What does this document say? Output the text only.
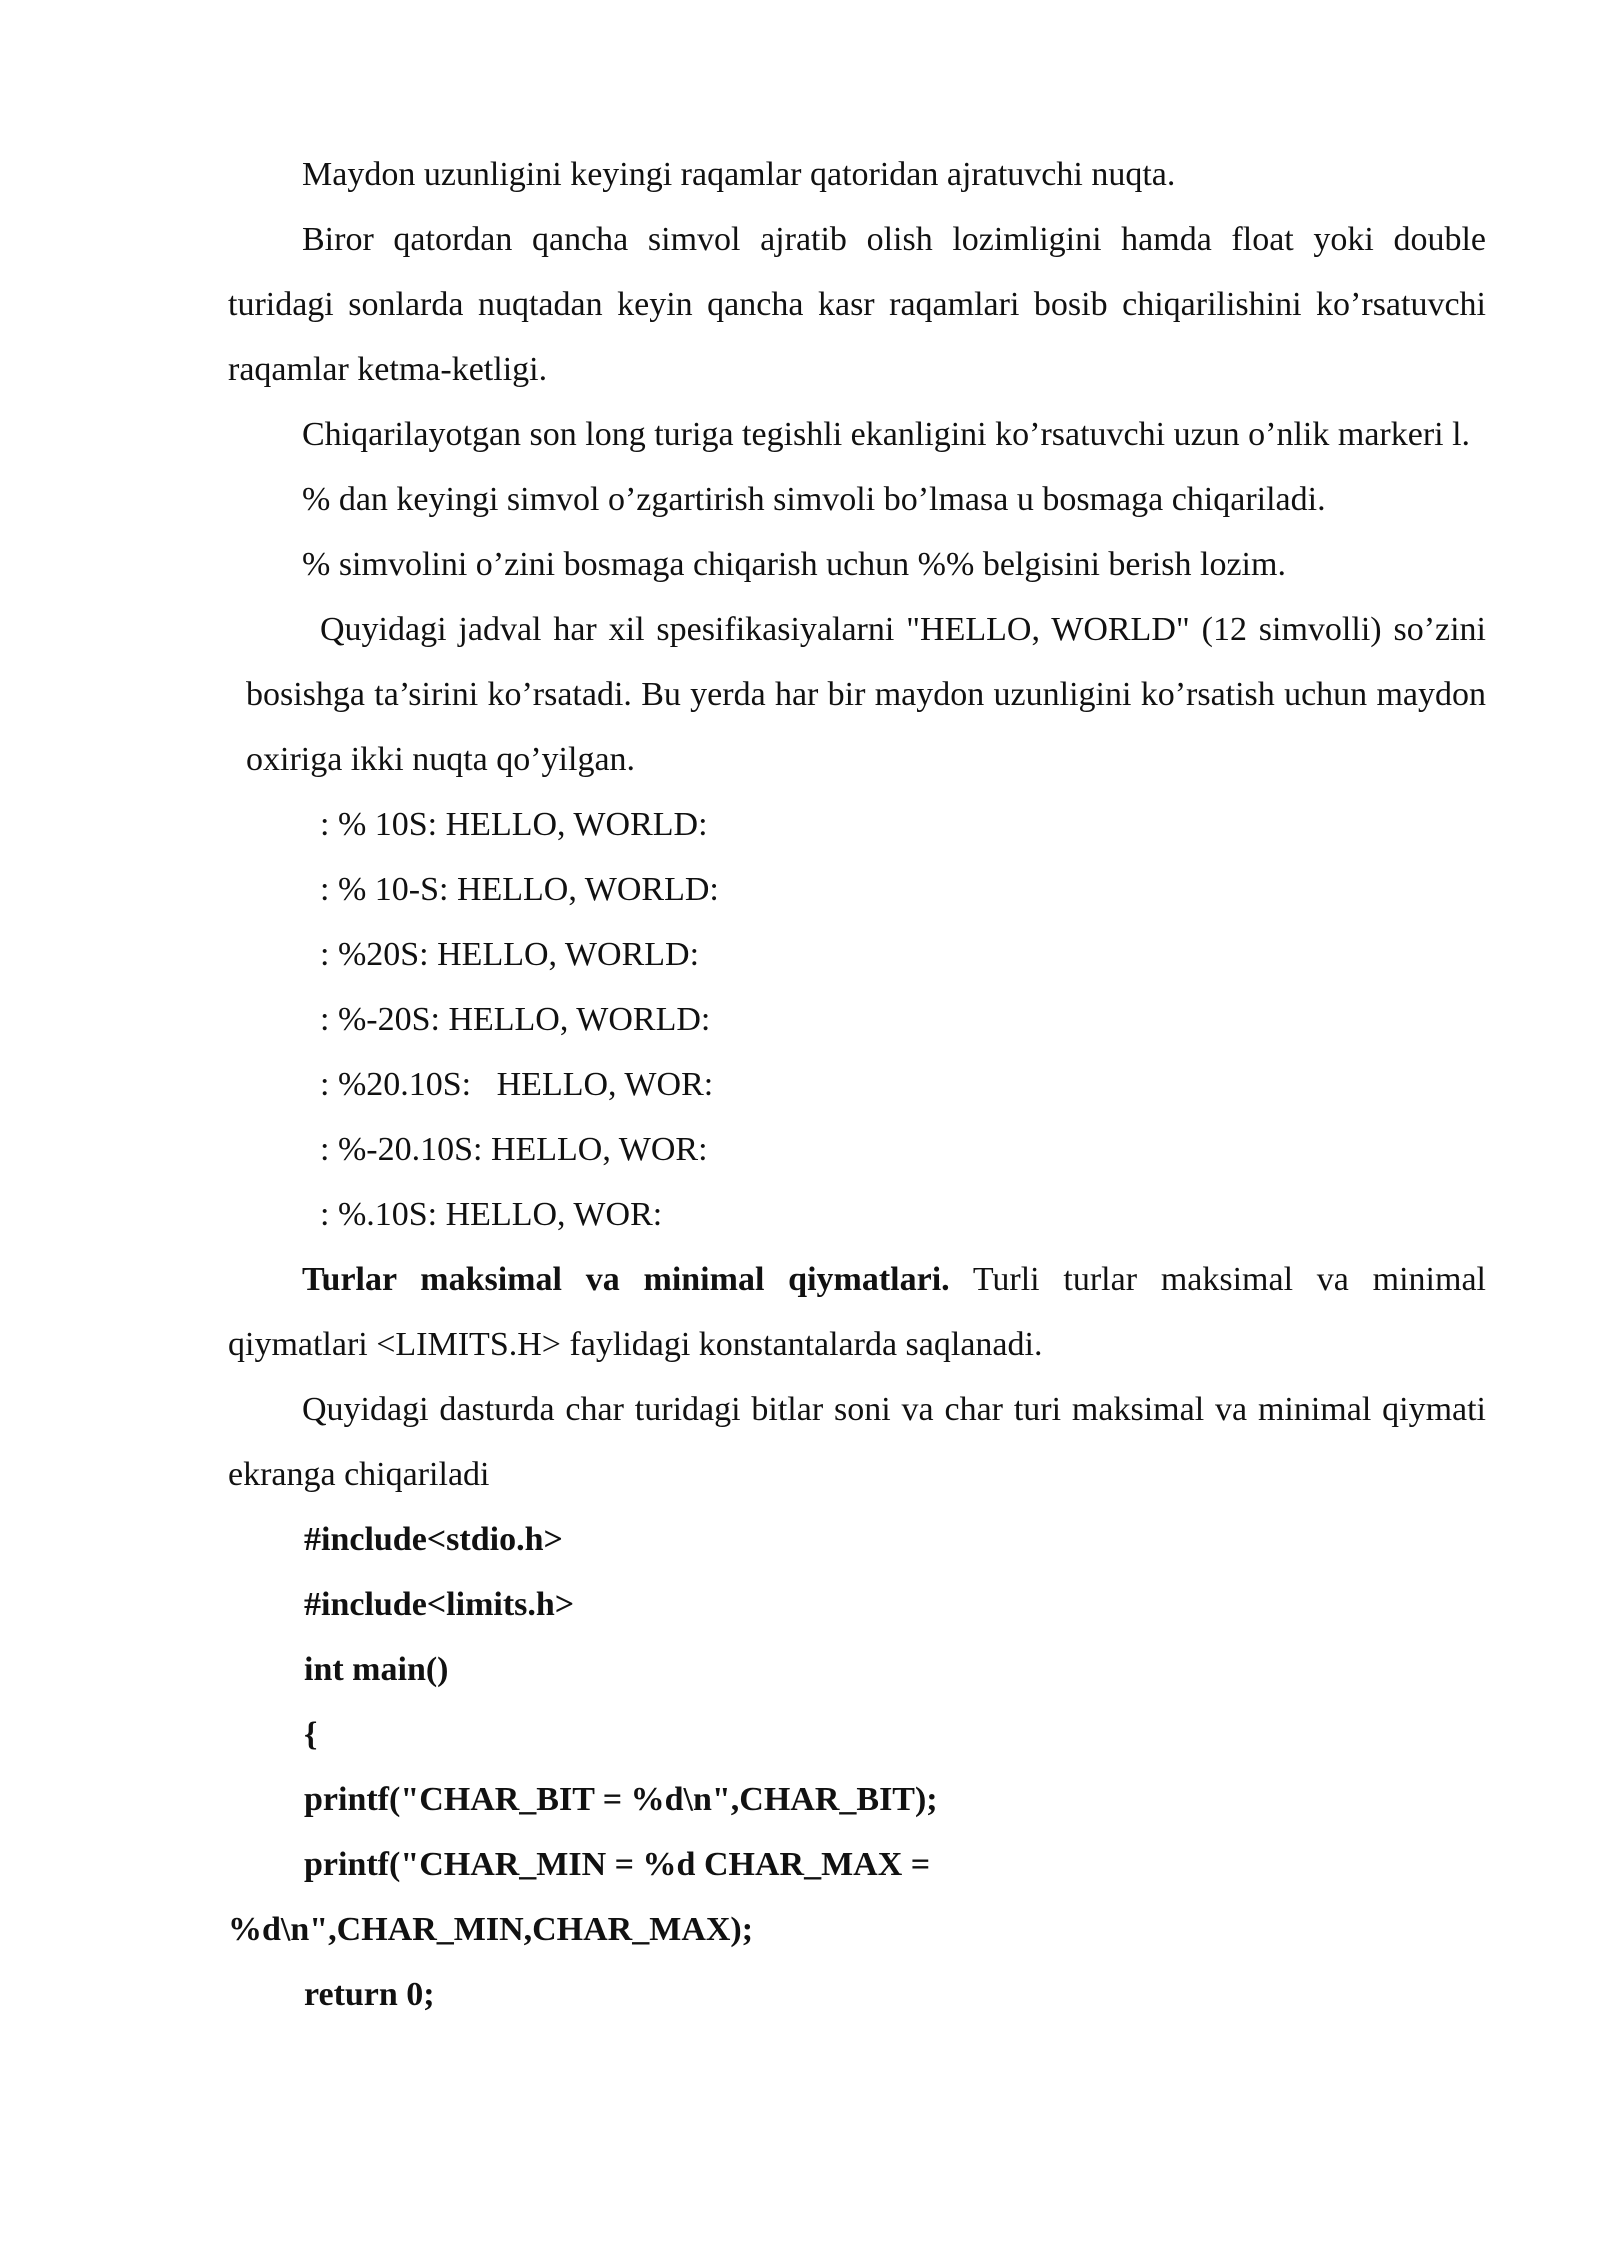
Maydon uzunligini keyingi raqamlar qatoridan ajratuvchi nuqta.

Biror qatordan qancha simvol ajratib olish lozimligini hamda float yoki double turidagi sonlarda nuqtadan keyin qancha kasr raqamlari bosib chiqarilishini ko’rsatuvchi raqamlar ketma-ketligi.

Chiqarilayotgan son long turiga tegishli ekanligini ko’rsatuvchi uzun o’nlik markeri l.

% dan keyingi simvol o’zgartirish simvoli bo’lmasa u bosmaga chiqariladi.

% simvolini o’zini bosmaga chiqarish uchun %% belgisini berish lozim.

Quyidagi jadval har xil spesifikasiyalarni "HELLO, WORLD" (12 simvolli) so’zini bosishga ta’sirini ko’rsatadi. Bu yerda har bir maydon uzunligini ko’rsatish uchun maydon oxiriga ikki nuqta qo’yilgan.

: % 10S: HELLO, WORLD:
: % 10-S: HELLO, WORLD:
: %20S: HELLO, WORLD:
: %-20S: HELLO, WORLD:
: %20.10S:   HELLO, WOR:
: %-20.10S: HELLO, WOR:
: %.10S: HELLO, WOR:

Turlar maksimal va minimal qiymatlari. Turli turlar maksimal va minimal qiymatlari <LIMITS.H> faylidagi konstantalarda saqlanadi.

Quyidagi dasturda char turidagi bitlar soni va char turi maksimal va minimal qiymati ekranga chiqariladi

#include<stdio.h>
#include<limits.h>
int main()
{
printf("CHAR_BIT = %d\n",CHAR_BIT);
printf("CHAR_MIN = %d CHAR_MAX =
%d\n",CHAR_MIN,CHAR_MAX);
return 0;
